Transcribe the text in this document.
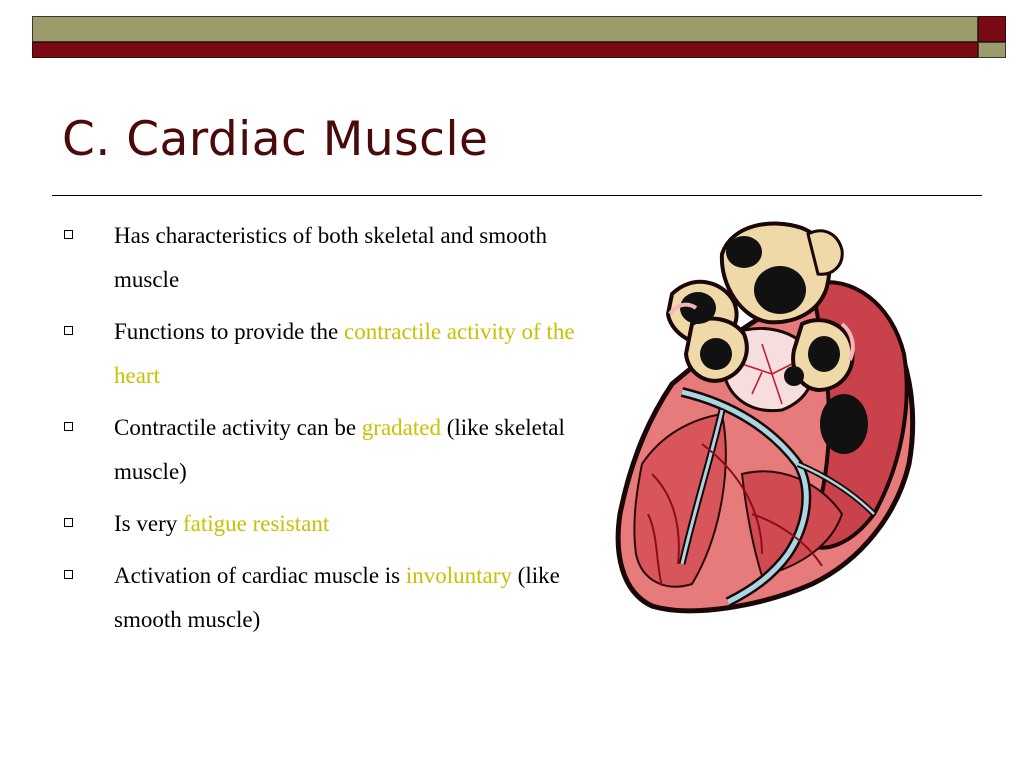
C. Cardiac Muscle
Has characteristics of both skeletal and smooth muscle
Functions to provide the contractile activity of the heart
Contractile activity can be gradated (like skeletal muscle)
Is very fatigue resistant
Activation of cardiac muscle is involuntary (like smooth muscle)
